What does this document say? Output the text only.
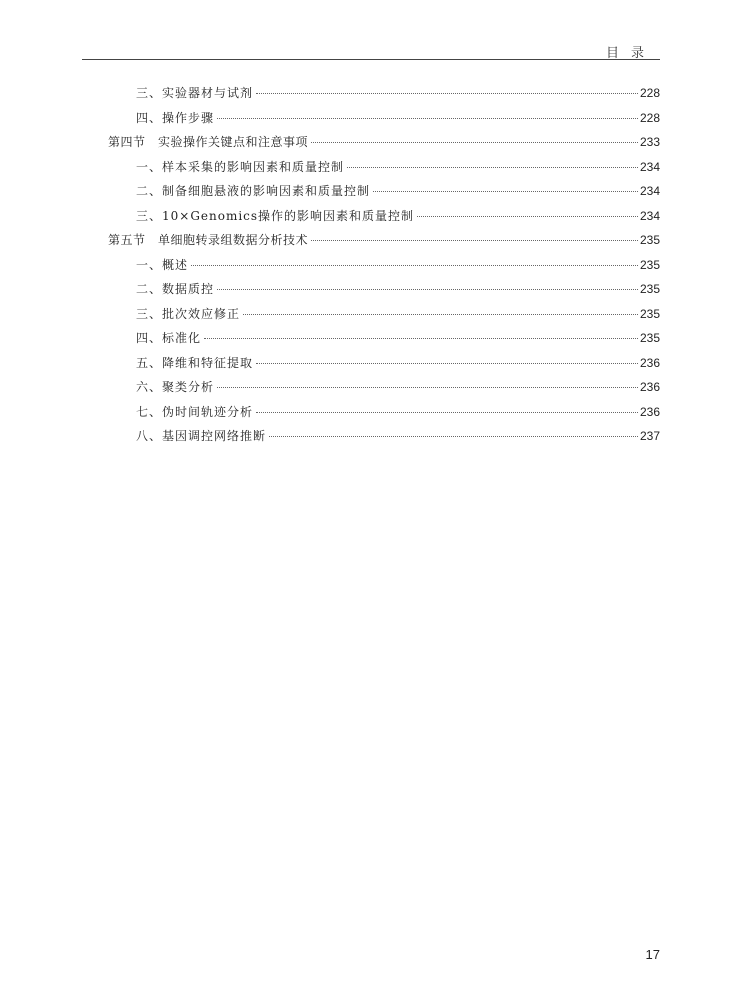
目录
三、实验器材与试剂	228
四、操作步骤	228
第四节　实验操作关键点和注意事项	233
一、样本采集的影响因素和质量控制	234
二、制备细胞悬液的影响因素和质量控制	234
三、10×Genomics操作的影响因素和质量控制	234
第五节　单细胞转录组数据分析技术	235
一、概述	235
二、数据质控	235
三、批次效应修正	235
四、标准化	235
五、降维和特征提取	236
六、聚类分析	236
七、伪时间轨迹分析	236
八、基因调控网络推断	237
17
